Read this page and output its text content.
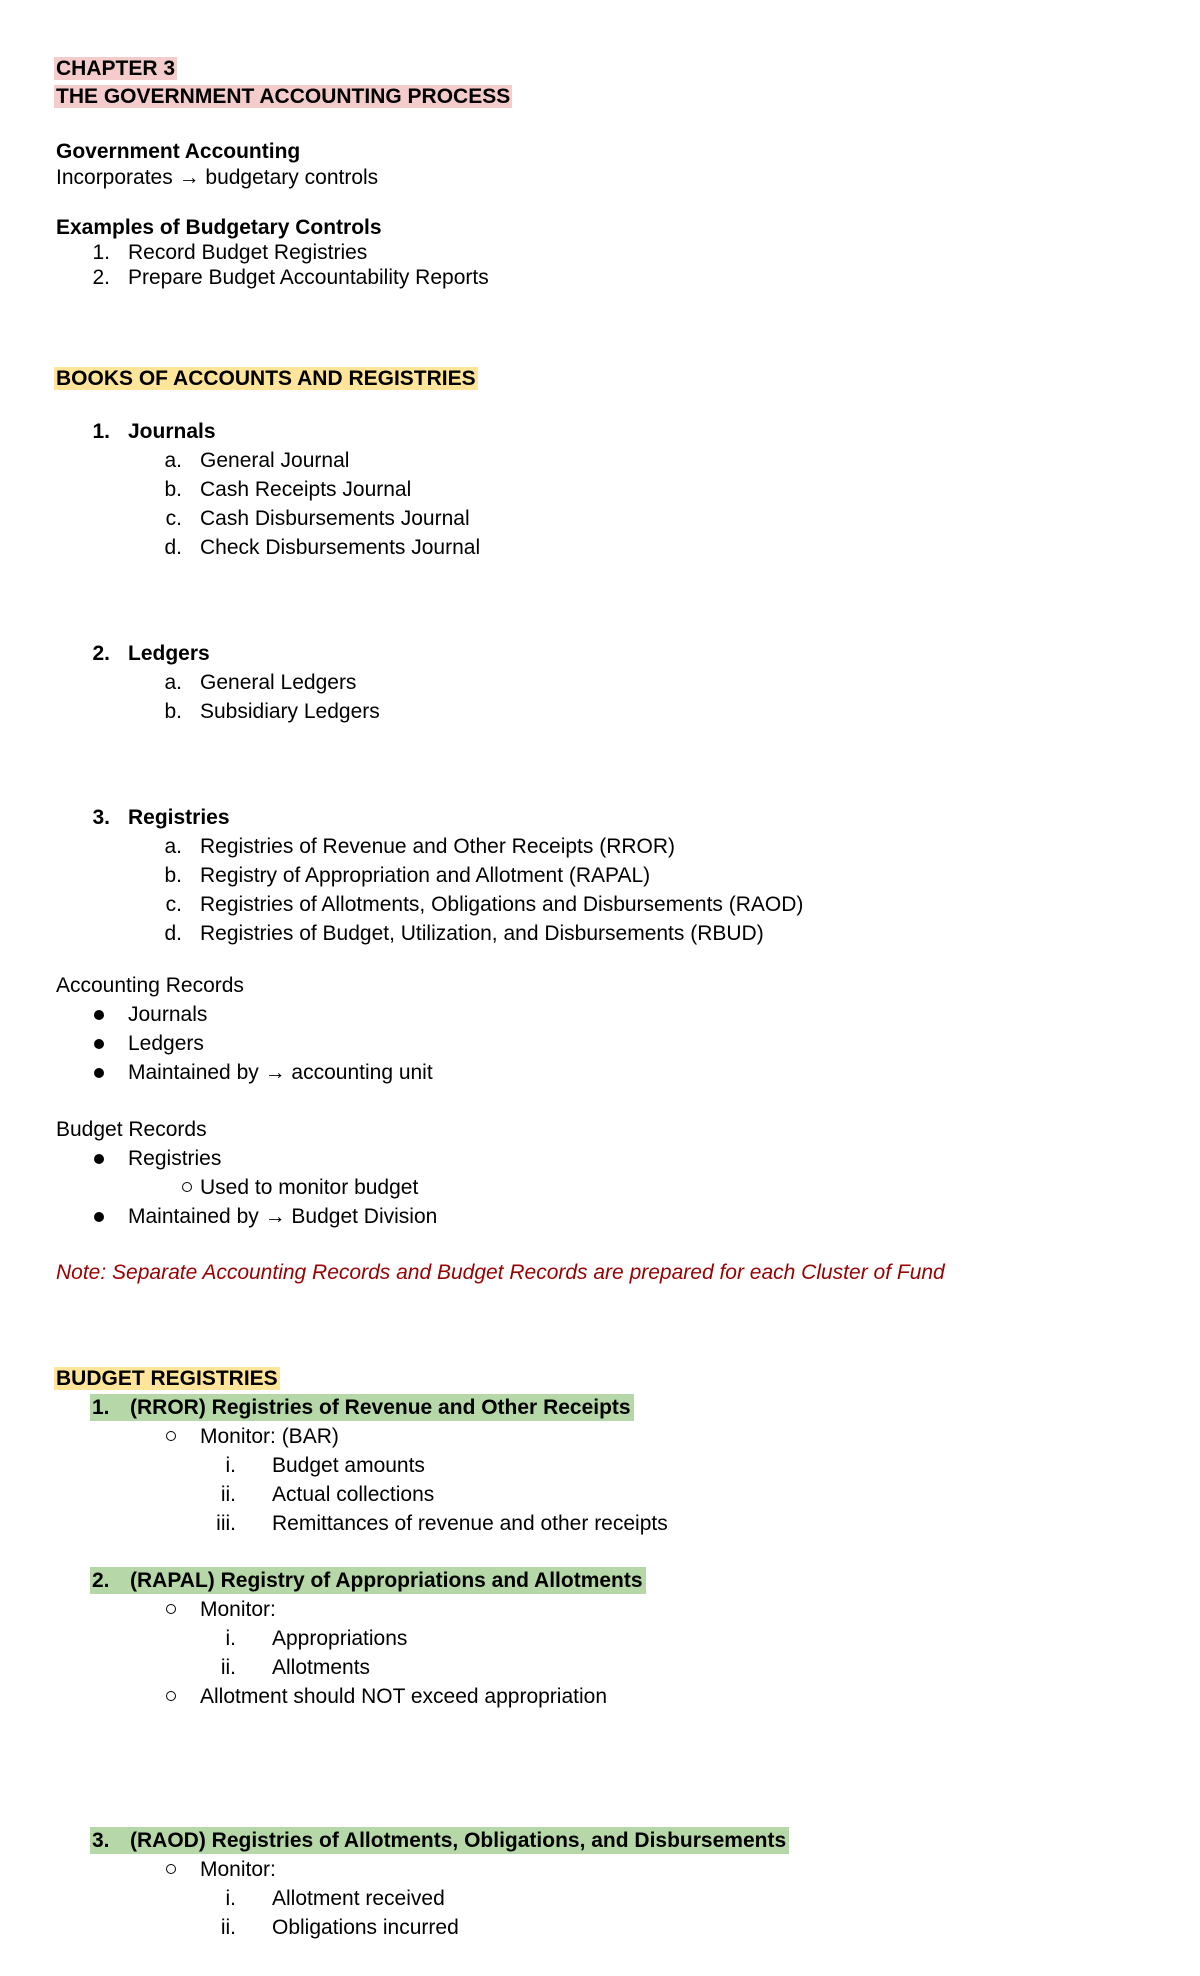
CHAPTER 3
THE GOVERNMENT ACCOUNTING PROCESS
Government Accounting
Incorporates → budgetary controls
Examples of Budgetary Controls
1. Record Budget Registries
2. Prepare Budget Accountability Reports
BOOKS OF ACCOUNTS AND REGISTRIES
1. Journals
a. General Journal
b. Cash Receipts Journal
c. Cash Disbursements Journal
d. Check Disbursements Journal
2. Ledgers
a. General Ledgers
b. Subsidiary Ledgers
3. Registries
a. Registries of Revenue and Other Receipts (RROR)
b. Registry of Appropriation and Allotment (RAPAL)
c. Registries of Allotments, Obligations and Disbursements (RAOD)
d. Registries of Budget, Utilization, and Disbursements (RBUD)
Accounting Records
Journals
Ledgers
Maintained by → accounting unit
Budget Records
Registries
Used to monitor budget
Maintained by → Budget Division
Note: Separate Accounting Records and Budget Records are prepared for each Cluster of Fund
BUDGET REGISTRIES
1. (RROR) Registries of Revenue and Other Receipts
Monitor: (BAR)
i. Budget amounts
ii. Actual collections
iii. Remittances of revenue and other receipts
2. (RAPAL) Registry of Appropriations and Allotments
Monitor:
i. Appropriations
ii. Allotments
Allotment should NOT exceed appropriation
3. (RAOD) Registries of Allotments, Obligations, and Disbursements
Monitor:
i. Allotment received
ii. Obligations incurred
